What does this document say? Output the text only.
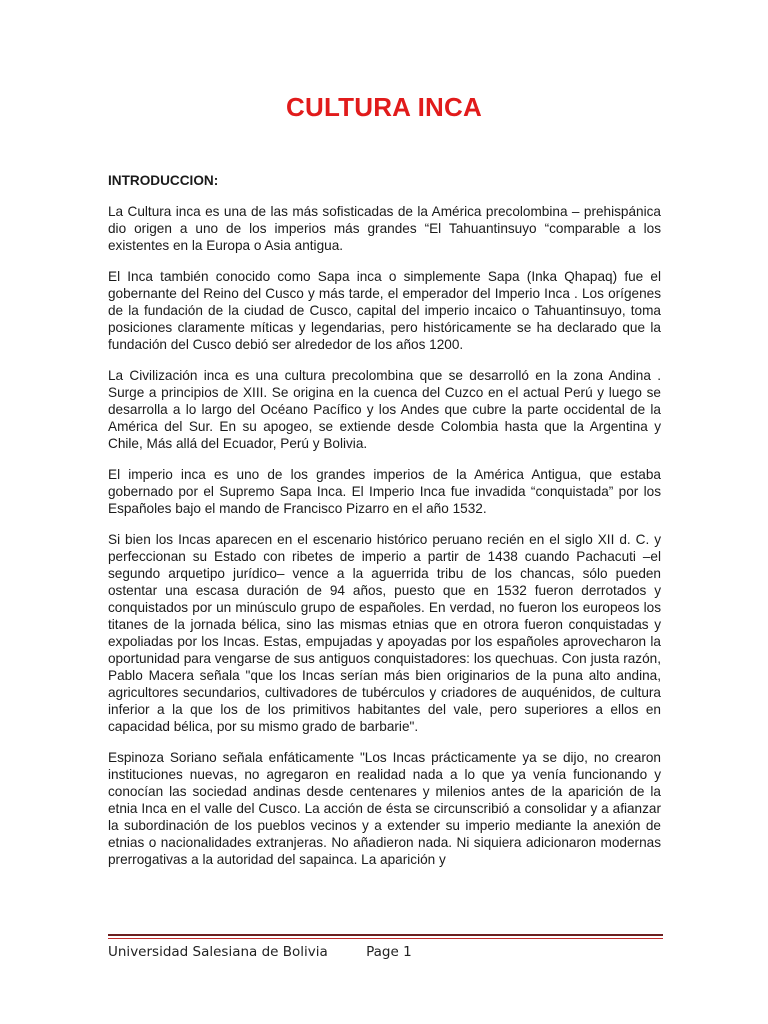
CULTURA INCA

INTRODUCCION:

La Cultura inca es una de las más sofisticadas de la América precolombina – prehispánica dio origen a uno de los imperios más grandes “El Tahuantinsuyo “comparable a los existentes en la Europa o Asia antigua.

El Inca también conocido como Sapa inca o simplemente Sapa (Inka Qhapaq) fue el gobernante del Reino del Cusco y más tarde, el emperador del Imperio Inca . Los orígenes de la fundación de la ciudad de Cusco, capital del imperio incaico o Tahuantinsuyo, toma posiciones claramente míticas y legendarias, pero históricamente se ha declarado que la fundación del Cusco debió ser alrededor de los años 1200.

La Civilización inca es una cultura precolombina que se desarrolló en la zona Andina . Surge a principios de XIII. Se origina en la cuenca del Cuzco en el actual Perú y luego se desarrolla a lo largo del Océano Pacífico y los Andes que cubre la parte occidental de la América del Sur. En su apogeo, se extiende desde Colombia hasta que la Argentina y Chile, Más allá del Ecuador, Perú y Bolivia.

El imperio inca es uno de los grandes imperios de la América Antigua, que estaba gobernado por el Supremo Sapa Inca. El Imperio Inca fue invadida “conquistada” por los Españoles bajo el mando de Francisco Pizarro en el año 1532.

Si bien los Incas aparecen en el escenario histórico peruano recién en el siglo XII d. C. y perfeccionan su Estado con ribetes de imperio a partir de 1438 cuando Pachacuti –el segundo arquetipo jurídico– vence a la aguerrida tribu de los chancas, sólo pueden ostentar una escasa duración de 94 años, puesto que en 1532 fueron derrotados y conquistados por un minúsculo grupo de españoles. En verdad, no fueron los europeos los titanes de la jornada bélica, sino las mismas etnias que en otrora fueron conquistadas y expoliadas por los Incas. Estas, empujadas y apoyadas por los españoles aprovecharon la oportunidad para vengarse de sus antiguos conquistadores: los quechuas. Con justa razón, Pablo Macera señala "que los Incas serían más bien originarios de la puna alto andina, agricultores secundarios, cultivadores de tubérculos y criadores de auquénidos, de cultura inferior a la que los de los primitivos habitantes del vale, pero superiores a ellos en capacidad bélica, por su mismo grado de barbarie".

Espinoza Soriano señala enfáticamente "Los Incas prácticamente ya se dijo, no crearon instituciones nuevas, no agregaron en realidad nada a lo que ya venía funcionando y conocían las sociedad andinas desde centenares y milenios antes de la aparición de la etnia Inca en el valle del Cusco. La acción de ésta se circunscribió a consolidar y a afianzar la subordinación de los pueblos vecinos y a extender su imperio mediante la anexión de etnias o nacionalidades extranjeras. No añadieron nada. Ni siquiera adicionaron modernas prerrogativas a la autoridad del sapainca. La aparición y

Universidad Salesiana de Bolivia	Page 1
